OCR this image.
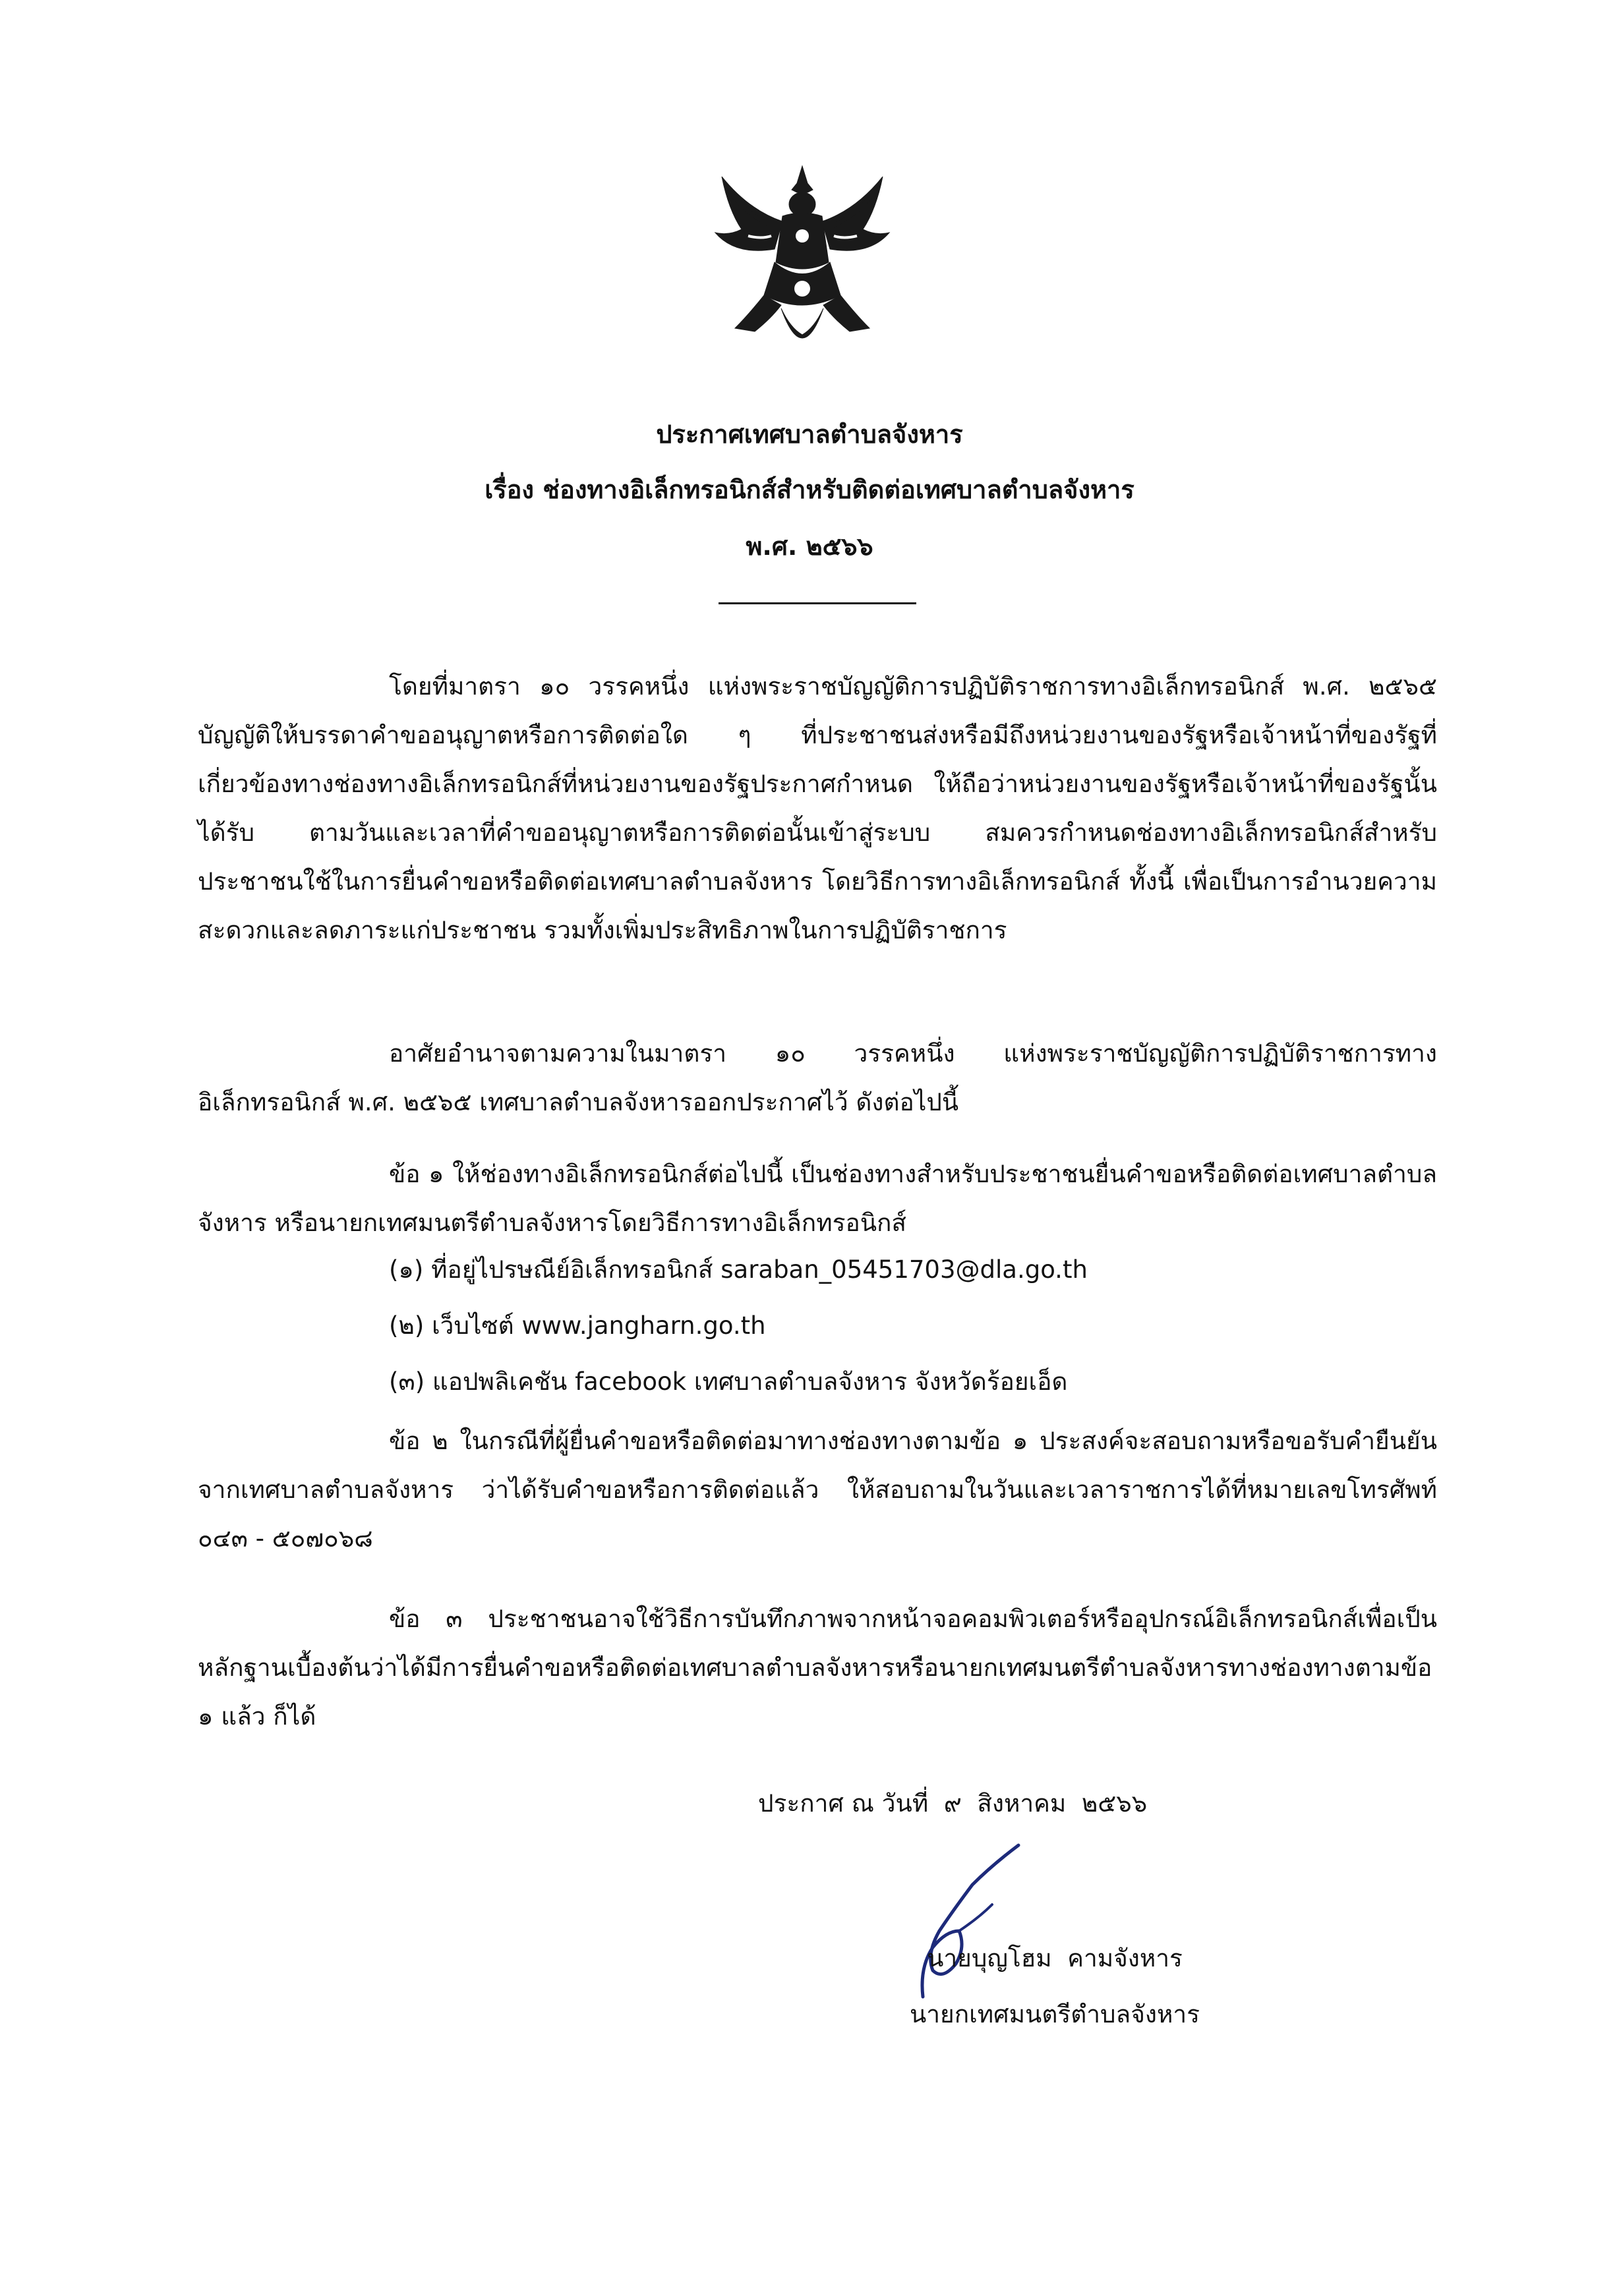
ประกาศเทศบาลตำบลจังหาร
เรื่อง ช่องทางอิเล็กทรอนิกส์สำหรับติดต่อเทศบาลตำบลจังหาร
พ.ศ. ๒๕๖๖

โดยที่มาตรา ๑๐ วรรคหนึ่ง แห่งพระราชบัญญัติการปฏิบัติราชการทางอิเล็กทรอนิกส์ พ.ศ. ๒๕๖๕ บัญญัติให้บรรดาคำขออนุญาตหรือการติดต่อใด ๆ ที่ประชาชนส่งหรือมีถึงหน่วยงานของรัฐหรือเจ้าหน้าที่ของรัฐที่เกี่ยวข้องทางช่องทางอิเล็กทรอนิกส์ที่หน่วยงานของรัฐประกาศกำหนด ให้ถือว่าหน่วยงานของรัฐหรือเจ้าหน้าที่ของรัฐนั้นได้รับ ตามวันและเวลาที่คำขออนุญาตหรือการติดต่อนั้นเข้าสู่ระบบ สมควรกำหนดช่องทางอิเล็กทรอนิกส์สำหรับประชาชนใช้ในการยื่นคำขอหรือติดต่อเทศบาลตำบลจังหาร โดยวิธีการทางอิเล็กทรอนิกส์ ทั้งนี้ เพื่อเป็นการอำนวยความสะดวกและลดภาระแก่ประชาชน รวมทั้งเพิ่มประสิทธิภาพในการปฏิบัติราชการ

อาศัยอำนาจตามความในมาตรา ๑๐ วรรคหนึ่ง แห่งพระราชบัญญัติการปฏิบัติราชการทางอิเล็กทรอนิกส์ พ.ศ. ๒๕๖๕ เทศบาลตำบลจังหารออกประกาศไว้ ดังต่อไปนี้

ข้อ ๑ ให้ช่องทางอิเล็กทรอนิกส์ต่อไปนี้ เป็นช่องทางสำหรับประชาชนยื่นคำขอหรือติดต่อเทศบาลตำบลจังหาร หรือนายกเทศมนตรีตำบลจังหารโดยวิธีการทางอิเล็กทรอนิกส์

(๑) ที่อยู่ไปรษณีย์อิเล็กทรอนิกส์ saraban_05451703@dla.go.th
(๒) เว็บไซต์ www.jangharn.go.th
(๓) แอปพลิเคชัน facebook เทศบาลตำบลจังหาร จังหวัดร้อยเอ็ด

ข้อ ๒ ในกรณีที่ผู้ยื่นคำขอหรือติดต่อมาทางช่องทางตามข้อ ๑ ประสงค์จะสอบถามหรือขอรับคำยืนยันจากเทศบาลตำบลจังหาร ว่าได้รับคำขอหรือการติดต่อแล้ว ให้สอบถามในวันและเวลาราชการได้ที่หมายเลขโทรศัพท์ ๐๔๓ - ๕๐๗๐๖๘

ข้อ ๓ ประชาชนอาจใช้วิธีการบันทึกภาพจากหน้าจอคอมพิวเตอร์หรืออุปกรณ์อิเล็กทรอนิกส์เพื่อเป็นหลักฐานเบื้องต้นว่าได้มีการยื่นคำขอหรือติดต่อเทศบาลตำบลจังหารหรือนายกเทศมนตรีตำบลจังหารทางช่องทางตามข้อ ๑ แล้ว ก็ได้

ประกาศ ณ วันที่  ๙  สิงหาคม  ๒๕๖๖
นายบุญโฮม  คามจังหาร
นายกเทศมนตรีตำบลจังหาร
